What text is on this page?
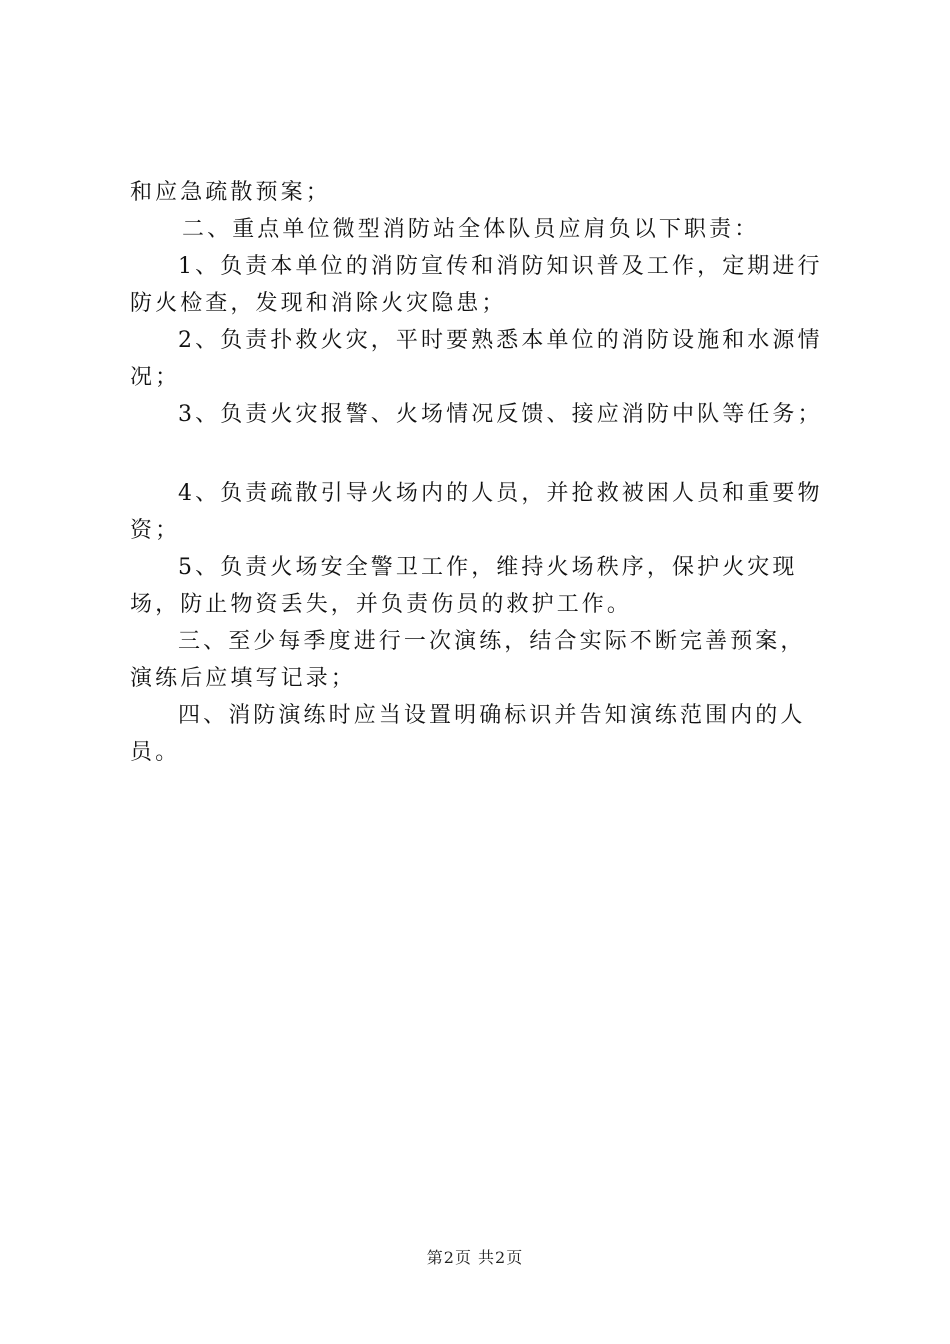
和应急疏散预案；

二、重点单位微型消防站全体队员应肩负以下职责：

1、负责本单位的消防宣传和消防知识普及工作，定期进行防火检查，发现和消除火灾隐患；

2、负责扑救火灾，平时要熟悉本单位的消防设施和水源情况；

3、负责火灾报警、火场情况反馈、接应消防中队等任务；

4、负责疏散引导火场内的人员，并抢救被困人员和重要物资；

5、负责火场安全警卫工作，维持火场秩序，保护火灾现场，防止物资丢失，并负责伤员的救护工作。

三、至少每季度进行一次演练，结合实际不断完善预案，演练后应填写记录；

四、消防演练时应当设置明确标识并告知演练范围内的人员。

第2页 共2页
